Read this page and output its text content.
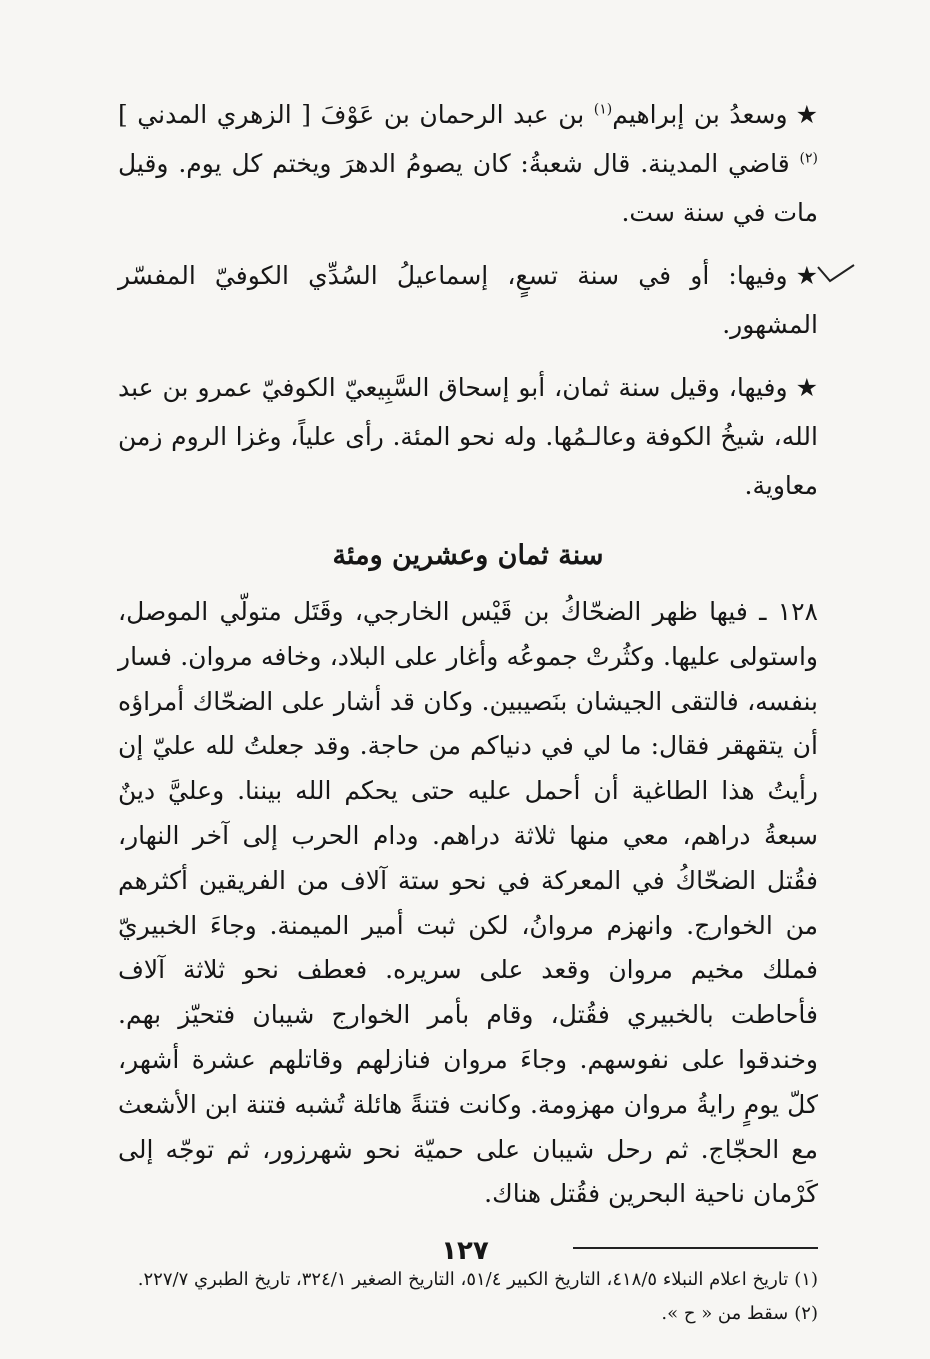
★وسعدُ بن إبراهيم$^{(١)}$ بن عبد الرحمان بن عَوْفَ [ الزهري المدني ]$^{(٢)}$ قاضي المدينة. قال شعبةُ: كان يصومُ الدهرَ ويختم كل يوم. وقيل مات في سنة ست.

★وفيها: أو في سنة تسعٍ، إسماعيلُ السُدِّي الكوفيّ المفسّر المشهور.

★وفيها، وقيل سنة ثمان، أبو إسحاق السَّبِيعيّ الكوفيّ عمرو بن عبد الله، شيخُ الكوفة وعالـمُها. وله نحو المئة. رأى علياً، وغزا الروم زمن معاوية.

سنة ثمان وعشرين ومئة

١٢٨ ـ فيها ظهر الضحّاكُ بن قَيْس الخارجي، وقَتَل متولّي الموصل، واستولى عليها. وكثُرتْ جموعُه وأغار على البلاد، وخافه مروان. فسار بنفسه، فالتقى الجيشان بنَصيبين. وكان قد أشار على الضحّاك أمراؤه أن يتقهقر فقال: ما لي في دنياكم من حاجة. وقد جعلتُ لله عليّ إن رأيتُ هذا الطاغية أن أحمل عليه حتى يحكم الله بيننا. وعليَّ دينٌ سبعةُ دراهم، معي منها ثلاثة دراهم. ودام الحرب إلى آخر النهار، فقُتل الضحّاكُ في المعركة في نحو ستة آلاف من الفريقين أكثرهم من الخوارج. وانهزم مروانُ، لكن ثبت أمير الميمنة. وجاءَ الخبيريّ فملك مخيم مروان وقعد على سريره. فعطف نحو ثلاثة آلاف فأحاطت بالخبيري فقُتل، وقام بأمر الخوارج شيبان فتحيّز بهم. وخندقوا على نفوسهم. وجاءَ مروان فنازلهم وقاتلهم عشرة أشهر، كلّ يومٍ رايةُ مروان مهزومة. وكانت فتنةً هائلة تُشبه فتنة ابن الأشعث مع الحجّاج. ثم رحل شيبان على حميّة نحو شهرزور، ثم توجّه إلى كَرْمان ناحية البحرين فقُتل هناك.

(١)تاريخ اعلام النبلاء ٤١٨/٥، التاريخ الكبير ٥١/٤، التاريخ الصغير ٣٢٤/١، تاريخ الطبري ٢٢٧/٧.

(٢)سقط من « ح ».

١٢٧
